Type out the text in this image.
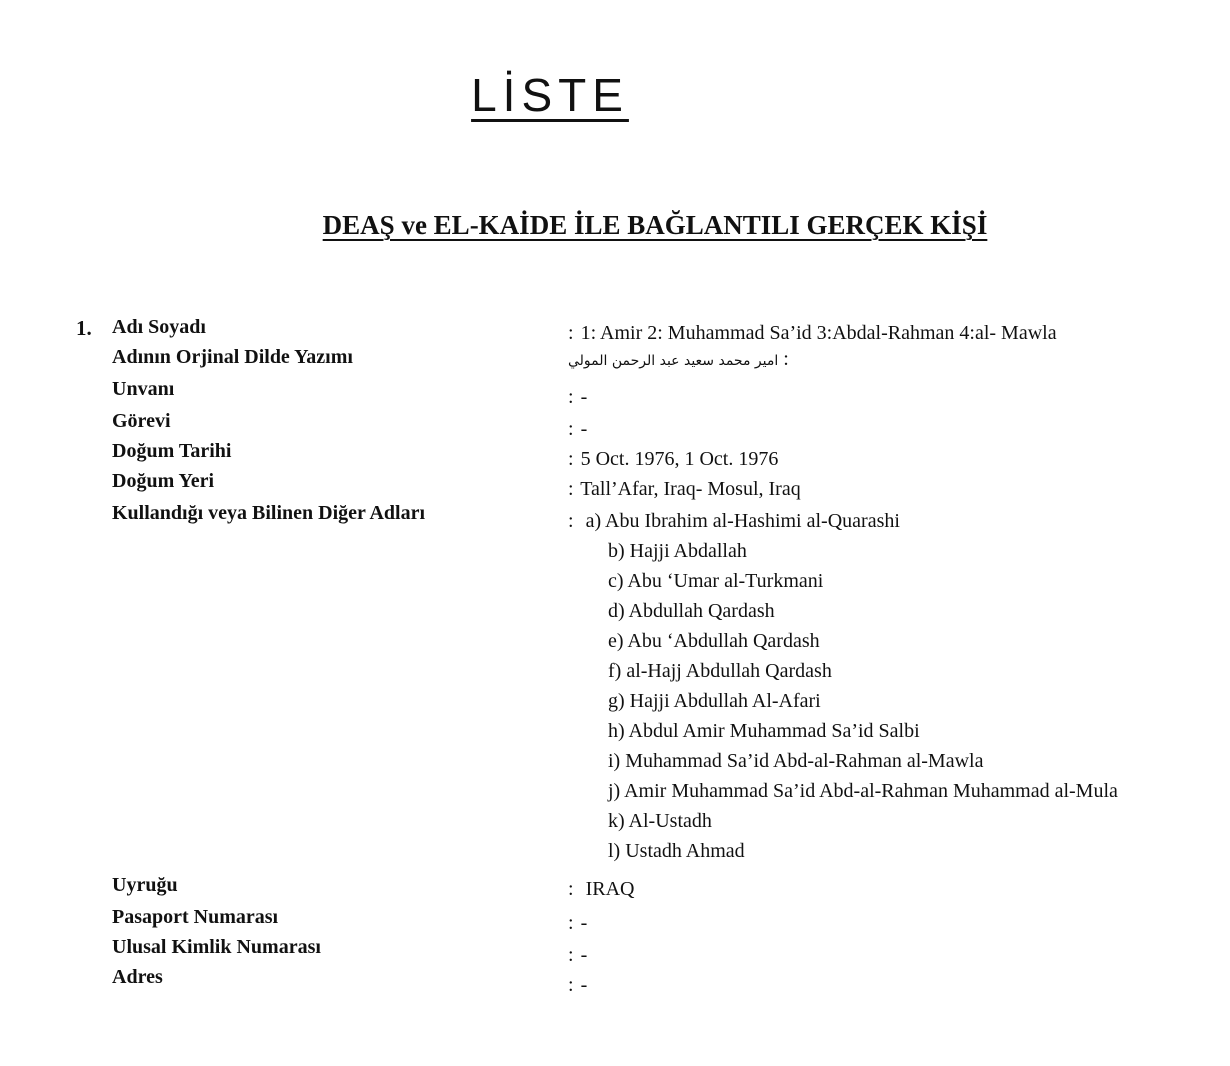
LİSTE
DEAŞ ve EL-KAİDE İLE BAĞLANTILI GERÇEK KİŞİ
1. Adı Soyadı	: 1: Amir 2: Muhammad Sa’id 3:Abdal-Rahman 4:al- Mawla
Adının Orjinal Dilde Yazımı	امير محمد سعيد عبد الرحمن المولي :
Unvanı	: -
Görevi	: -
Doğum Tarihi	: 5 Oct. 1976, 1 Oct. 1976
Doğum Yeri	: Tall’Afar, Iraq- Mosul, Iraq
Kullandığı veya Bilinen Diğer Adları	: a) Abu Ibrahim al-Hashimi al-Quarashi
b) Hajji Abdallah
c) Abu ‘Umar al-Turkmani
d) Abdullah Qardash
e) Abu ‘Abdullah Qardash
f) al-Hajj Abdullah Qardash
g) Hajji Abdullah Al-Afari
h) Abdul Amir Muhammad Sa’id Salbi
i) Muhammad Sa’id Abd-al-Rahman al-Mawla
j) Amir Muhammad Sa’id Abd-al-Rahman Muhammad al-Mula
k) Al-Ustadh
l) Ustadh Ahmad
Uyruğu	: IRAQ
Pasaport Numarası	: -
Ulusal Kimlik Numarası	: -
Adres	: -
